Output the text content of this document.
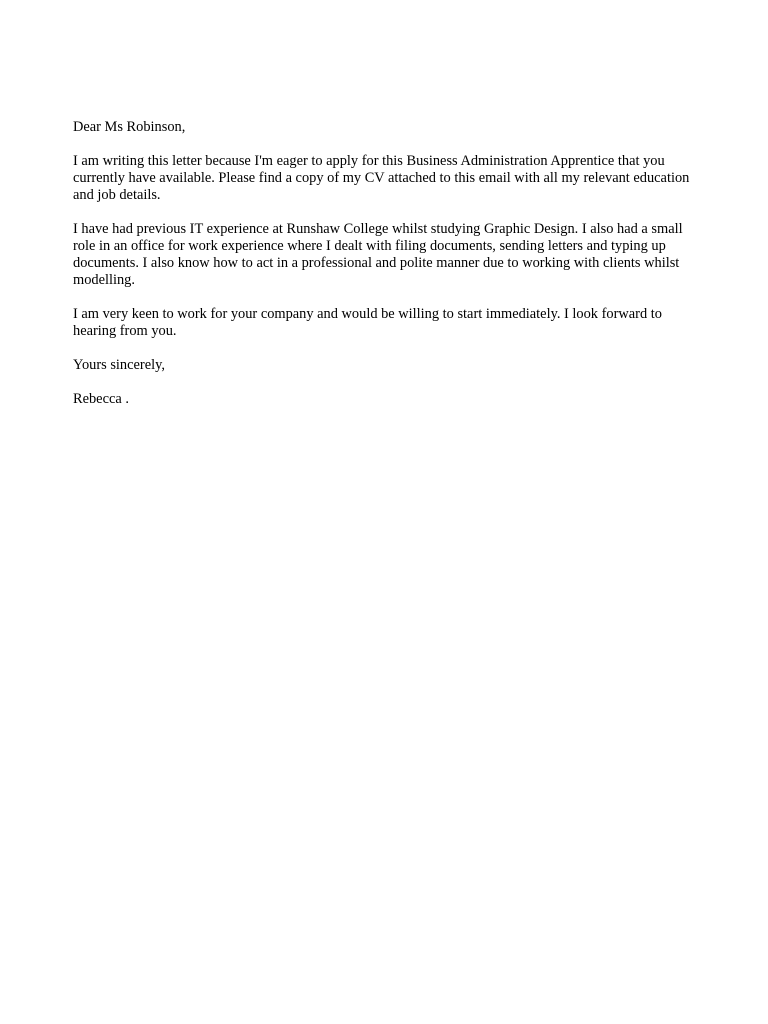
Dear Ms Robinson,

I am writing this letter because I'm eager to apply for this Business Administration Apprentice that you currently have available. Please find a copy of my CV attached to this email with all my relevant education and job details.

I have had previous IT experience at Runshaw College whilst studying Graphic Design. I also had a small role in an office for work experience where I dealt with filing documents, sending letters and typing up documents. I also know how to act in a professional and polite manner due to working with clients whilst modelling.

I am very keen to work for your company and would be willing to start immediately. I look forward to hearing from you.

Yours sincerely,

Rebecca .
